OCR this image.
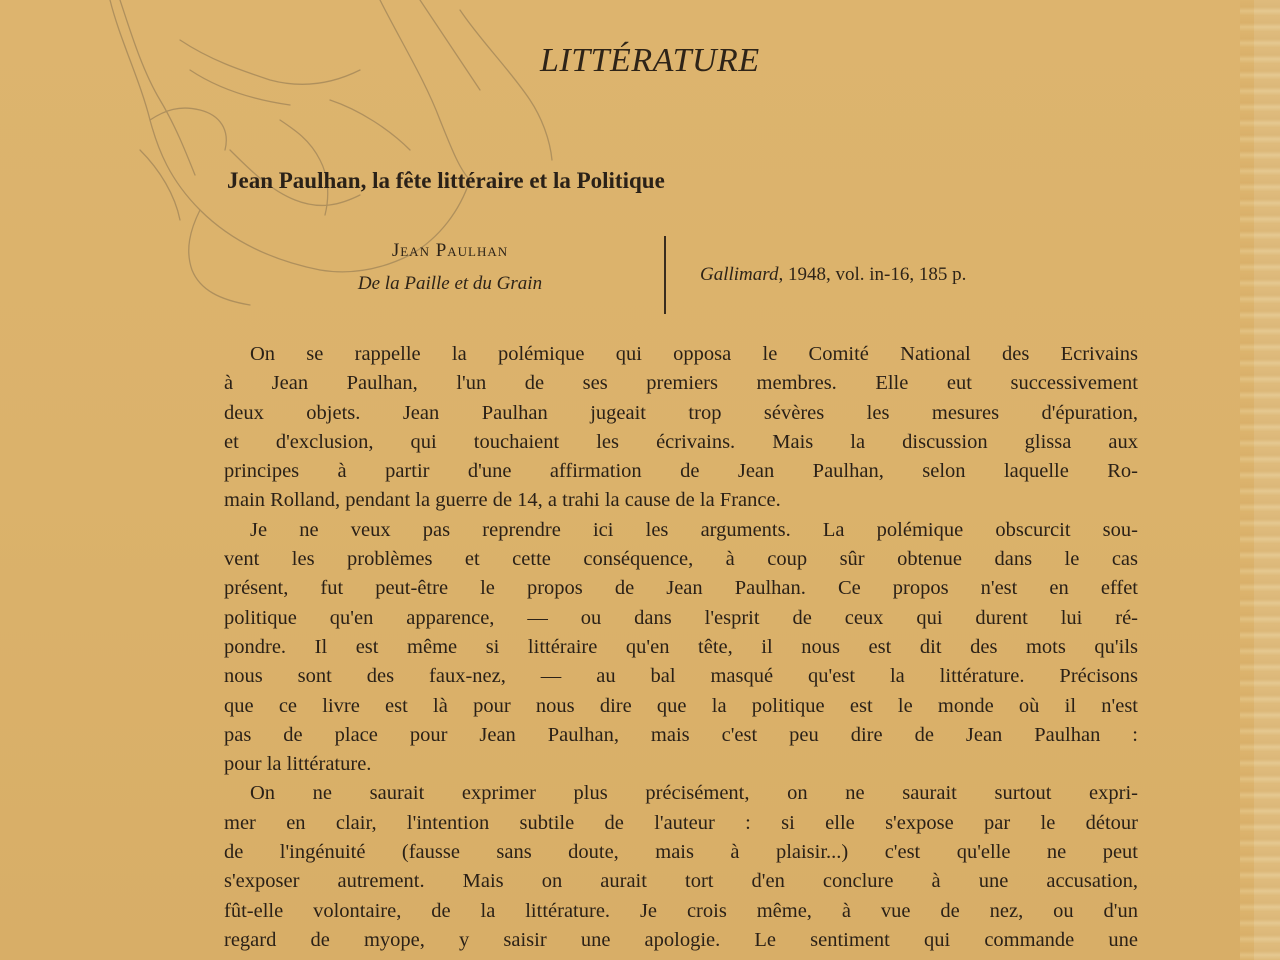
LITTÉRATURE
Jean Paulhan, la fête littéraire et la Politique
Jean Paulhan
De la Paille et du Grain	Gallimard, 1948, vol. in-16, 185 p.
On se rappelle la polémique qui opposa le Comité National des Ecrivains
à Jean Paulhan, l'un de ses premiers membres. Elle eut successivement
deux objets. Jean Paulhan jugeait trop sévères les mesures d'épuration,
et d'exclusion, qui touchaient les écrivains. Mais la discussion glissa aux
principes à partir d'une affirmation de Jean Paulhan, selon laquelle Ro-
main Rolland, pendant la guerre de 14, a trahi la cause de la France.
Je ne veux pas reprendre ici les arguments. La polémique obscurcit sou-
vent les problèmes et cette conséquence, à coup sûr obtenue dans le cas
présent, fut peut-être le propos de Jean Paulhan. Ce propos n'est en effet
politique qu'en apparence, — ou dans l'esprit de ceux qui durent lui ré-
pondre. Il est même si littéraire qu'en tête, il nous est dit des mots qu'ils
nous sont des faux-nez, — au bal masqué qu'est la littérature. Précisons
que ce livre est là pour nous dire que la politique est le monde où il n'est
pas de place pour Jean Paulhan, mais c'est peu dire de Jean Paulhan :
pour la littérature.
On ne saurait exprimer plus précisément, on ne saurait surtout expri-
mer en clair, l'intention subtile de l'auteur : si elle s'expose par le détour
de l'ingénuité (fausse sans doute, mais à plaisir...) c'est qu'elle ne peut
s'exposer autrement. Mais on aurait tort d'en conclure à une accusation,
fût-elle volontaire, de la littérature. Je crois même, à vue de nez, ou d'un
regard de myope, y saisir une apologie. Le sentiment qui commande une
